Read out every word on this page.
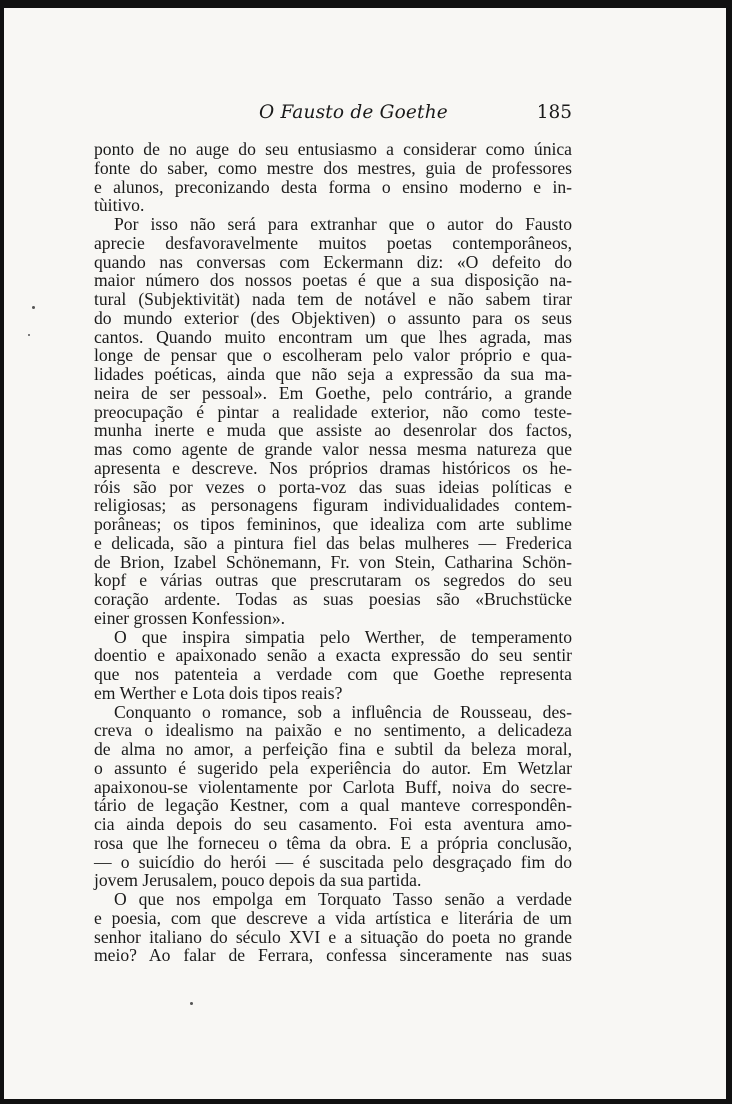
O Fausto de Goethe	185
ponto de no auge do seu entusiasmo a considerar como única
fonte do saber, como mestre dos mestres, guia de professores
e alunos, preconizando desta forma o ensino moderno e in-
tùitivo.
Por isso não será para extranhar que o autor do Fausto
aprecie desfavoravelmente muitos poetas contemporâneos,
quando nas conversas com Eckermann diz: «O defeito do
maior número dos nossos poetas é que a sua disposição na-
tural (Subjektivität) nada tem de notável e não sabem tirar
do mundo exterior (des Objektiven) o assunto para os seus
cantos. Quando muito encontram um que lhes agrada, mas
longe de pensar que o escolheram pelo valor próprio e qua-
lidades poéticas, ainda que não seja a expressão da sua ma-
neira de ser pessoal». Em Goethe, pelo contrário, a grande
preocupação é pintar a realidade exterior, não como teste-
munha inerte e muda que assiste ao desenrolar dos factos,
mas como agente de grande valor nessa mesma natureza que
apresenta e descreve. Nos próprios dramas históricos os he-
róis são por vezes o porta-voz das suas ideias políticas e
religiosas; as personagens figuram individualidades contem-
porâneas; os tipos femininos, que idealiza com arte sublime
e delicada, são a pintura fiel das belas mulheres — Frederica
de Brion, Izabel Schönemann, Fr. von Stein, Catharina Schön-
kopf e várias outras que prescrutaram os segredos do seu
coração ardente. Todas as suas poesias são «Bruchstücke
einer grossen Konfession».
O que inspira simpatia pelo Werther, de temperamento
doentio e apaixonado senão a exacta expressão do seu sentir
que nos patenteia a verdade com que Goethe representa
em Werther e Lota dois tipos reais?
Conquanto o romance, sob a influência de Rousseau, des-
creva o idealismo na paixão e no sentimento, a delicadeza
de alma no amor, a perfeição fina e subtil da beleza moral,
o assunto é sugerido pela experiência do autor. Em Wetzlar
apaixonou-se violentamente por Carlota Buff, noiva do secre-
tário de legação Kestner, com a qual manteve correspondên-
cia ainda depois do seu casamento. Foi esta aventura amo-
rosa que lhe forneceu o têma da obra. E a própria conclusão,
— o suicídio do herói — é suscitada pelo desgraçado fim do
jovem Jerusalem, pouco depois da sua partida.
O que nos empolga em Torquato Tasso senão a verdade
e poesia, com que descreve a vida artística e literária de um
senhor italiano do século XVI e a situação do poeta no grande
meio? Ao falar de Ferrara, confessa sinceramente nas suas
